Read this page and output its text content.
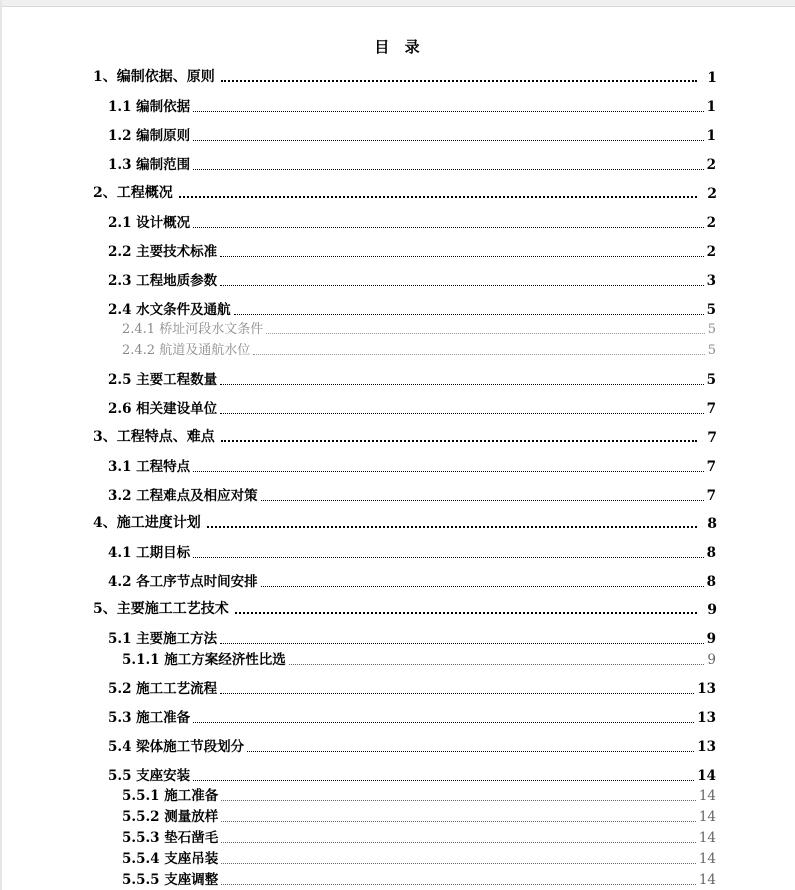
目 录
1、编制依据、原则	1
1.1 编制依据	1
1.2 编制原则	1
1.3 编制范围	2
2、工程概况	2
2.1 设计概况	2
2.2 主要技术标准	2
2.3 工程地质参数	3
2.4 水文条件及通航	5
2.4.1 桥址河段水文条件	5
2.4.2 航道及通航水位	5
2.5 主要工程数量	5
2.6 相关建设单位	7
3、工程特点、难点	7
3.1 工程特点	7
3.2 工程难点及相应对策	7
4、施工进度计划	8
4.1 工期目标	8
4.2 各工序节点时间安排	8
5、主要施工工艺技术	9
5.1 主要施工方法	9
5.1.1 施工方案经济性比选	9
5.2 施工工艺流程	13
5.3 施工准备	13
5.4 梁体施工节段划分	13
5.5 支座安装	14
5.5.1 施工准备	14
5.5.2 测量放样	14
5.5.3 垫石凿毛	14
5.5.4 支座吊装	14
5.5.5 支座调整	14
